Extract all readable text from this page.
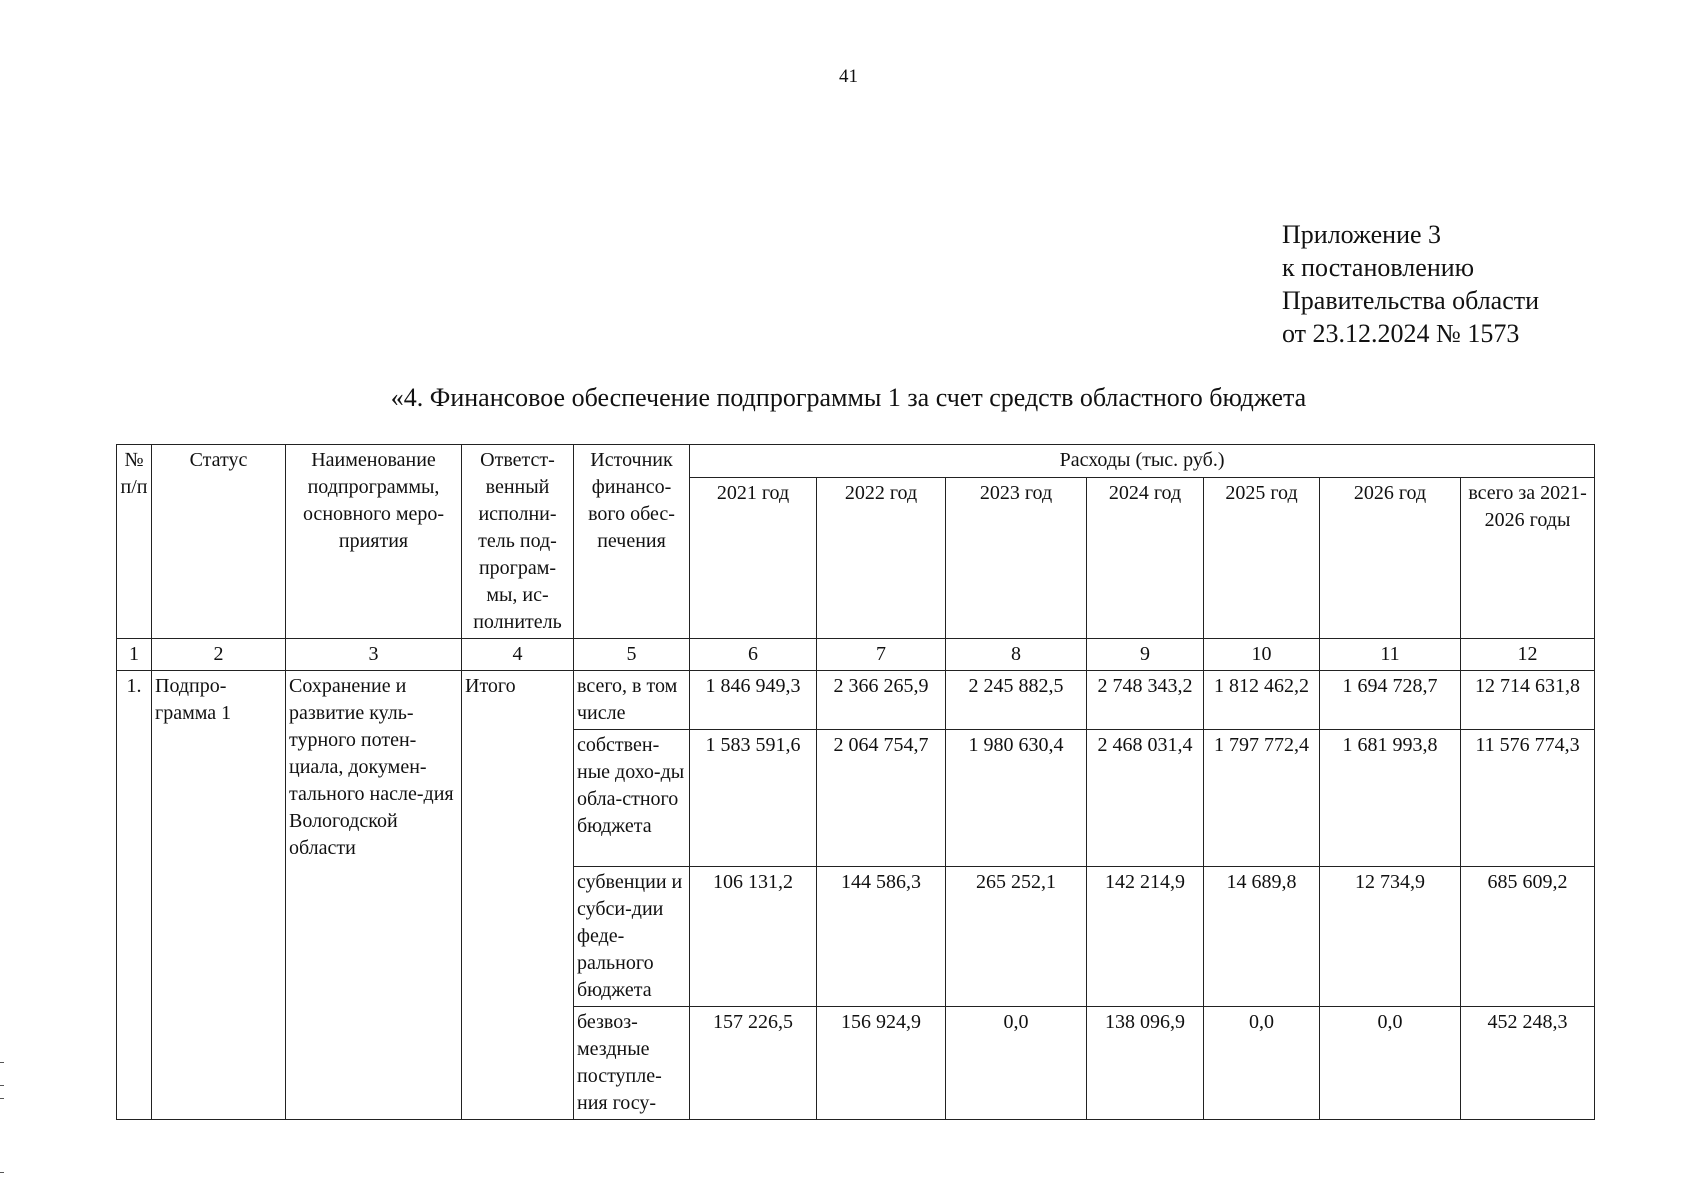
41
Приложение 3
к постановлению
Правительства области
от 23.12.2024 № 1573
«4. Финансовое обеспечение подпрограммы 1 за счет средств областного бюджета
№ п/п	Статус	Наименование подпрограммы, основного меро-приятия	Ответст-венный исполни-тель под-програм-мы, ис-полнитель	Источник финансо-вого обес-печения	Расходы (тыс. руб.)						
					2021 год	2022 год	2023 год	2024 год	2025 год	2026 год	всего за 2021-2026 годы
1	2	3	4	5	6	7	8	9	10	11	12
1.	Подпро-грамма 1	Сохранение и развитие куль-турного потен-циала, докумен-тального насле-дия Вологодской области	Итого	всего, в том числе	1 846 949,3	2 366 265,9	2 245 882,5	2 748 343,2	1 812 462,2	1 694 728,7	12 714 631,8
				собствен-ные дохо-ды обла-стного бюджета	1 583 591,6	2 064 754,7	1 980 630,4	2 468 031,4	1 797 772,4	1 681 993,8	11 576 774,3
				субвенции и субси-дии феде-рального бюджета	106 131,2	144 586,3	265 252,1	142 214,9	14 689,8	12 734,9	685 609,2
				безвоз-мездные поступле-ния госу-	157 226,5	156 924,9	0,0	138 096,9	0,0	0,0	452 248,3
